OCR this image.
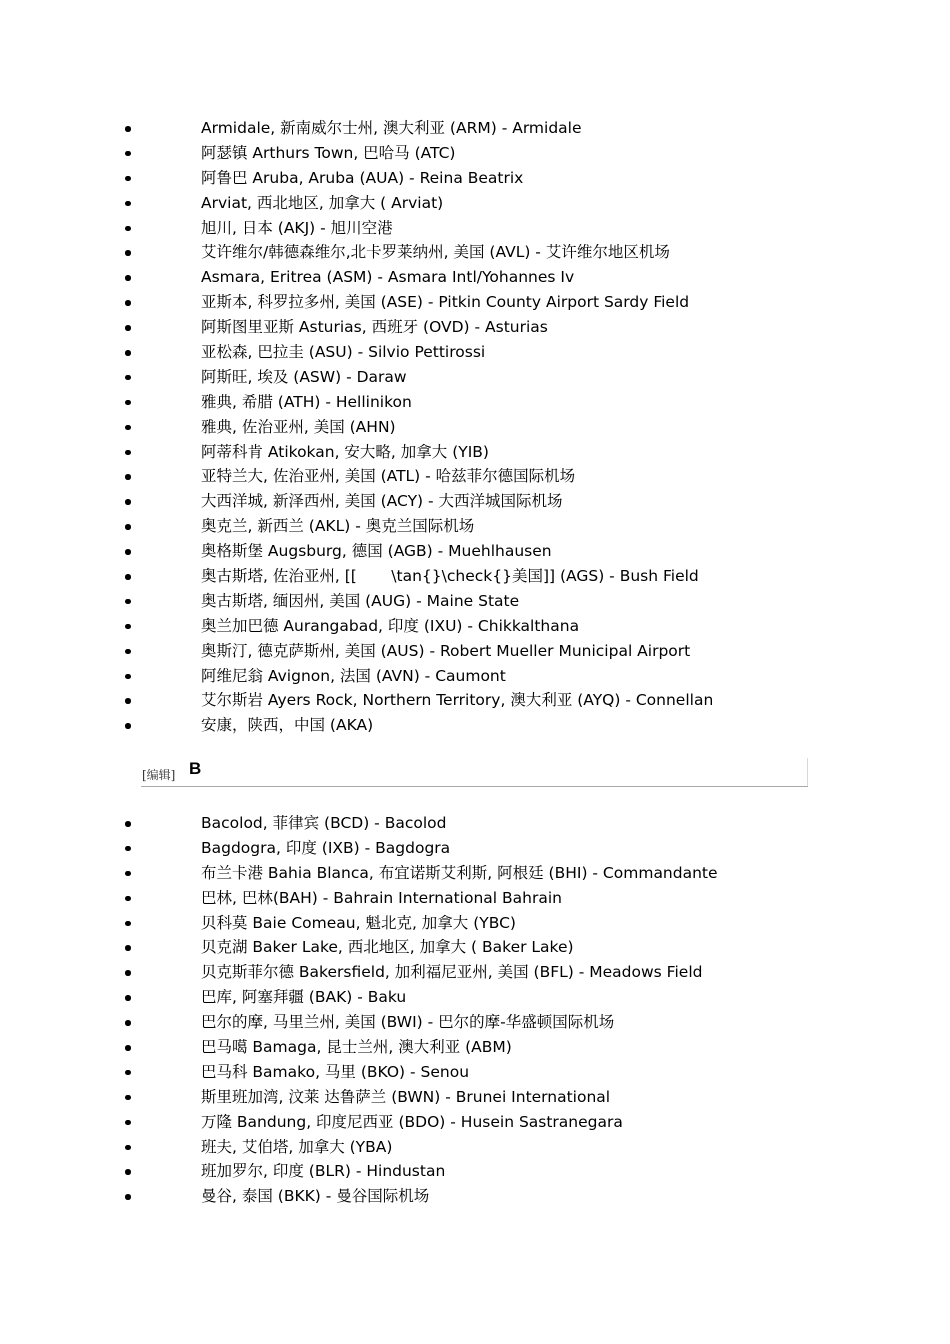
Armidale, 新南威尔士州, 澳大利亚 (ARM) - Armidale
阿瑟镇 Arthurs Town, 巴哈马 (ATC)
阿鲁巴 Aruba, Aruba (AUA) - Reina Beatrix
Arviat, 西北地区, 加拿大 ( Arviat)
旭川, 日本 (AKJ) - 旭川空港
艾许维尔/韩德森维尔,北卡罗莱纳州, 美国 (AVL) - 艾许维尔地区机场
Asmara, Eritrea (ASM) - Asmara Intl/Yohannes Iv
亚斯本, 科罗拉多州, 美国 (ASE) - Pitkin County Airport Sardy Field
阿斯图里亚斯 Asturias, 西班牙 (OVD) - Asturias
亚松森, 巴拉圭 (ASU) - Silvio Pettirossi
阿斯旺, 埃及 (ASW) - Daraw
雅典, 希腊 (ATH) - Hellinikon
雅典, 佐治亚州, 美国 (AHN)
阿蒂科肯 Atikokan, 安大略, 加拿大 (YIB)
亚特兰大, 佐治亚州, 美国 (ATL) - 哈兹菲尔德国际机场
大西洋城, 新泽西州, 美国 (ACY) - 大西洋城国际机场
奥克兰, 新西兰 (AKL) - 奥克兰国际机场
奥格斯堡 Augsburg, 德国 (AGB) - Muehlhausen
奥古斯塔, 佐治亚州, [[       \tan{}\check{}美国]] (AGS) - Bush Field
奥古斯塔, 缅因州, 美国 (AUG) - Maine State
奥兰加巴德 Aurangabad, 印度 (IXU) - Chikkalthana
奥斯汀, 德克萨斯州, 美国 (AUS) - Robert Mueller Municipal Airport
阿维尼翁 Avignon, 法国 (AVN) - Caumont
艾尔斯岩 Ayers Rock, Northern Territory, 澳大利亚 (AYQ) - Connellan
安康，陕西，中国 (AKA)
[编辑] B
Bacolod, 菲律宾 (BCD) - Bacolod
Bagdogra, 印度 (IXB) - Bagdogra
布兰卡港 Bahia Blanca, 布宜诺斯艾利斯, 阿根廷 (BHI) - Commandante
巴林, 巴林(BAH) - Bahrain International Bahrain
贝科莫 Baie Comeau, 魁北克, 加拿大 (YBC)
贝克湖 Baker Lake, 西北地区, 加拿大 ( Baker Lake)
贝克斯菲尔德 Bakersfield, 加利福尼亚州, 美国 (BFL) - Meadows Field
巴库, 阿塞拜疆 (BAK) - Baku
巴尔的摩, 马里兰州, 美国 (BWI) - 巴尔的摩-华盛顿国际机场
巴马噶 Bamaga, 昆士兰州, 澳大利亚 (ABM)
巴马科 Bamako, 马里 (BKO) - Senou
斯里班加湾, 汶莱 达鲁萨兰 (BWN) - Brunei International
万隆 Bandung, 印度尼西亚 (BDO) - Husein Sastranegara
班夫, 艾伯塔, 加拿大 (YBA)
班加罗尔, 印度 (BLR) - Hindustan
曼谷, 泰国 (BKK) - 曼谷国际机场
